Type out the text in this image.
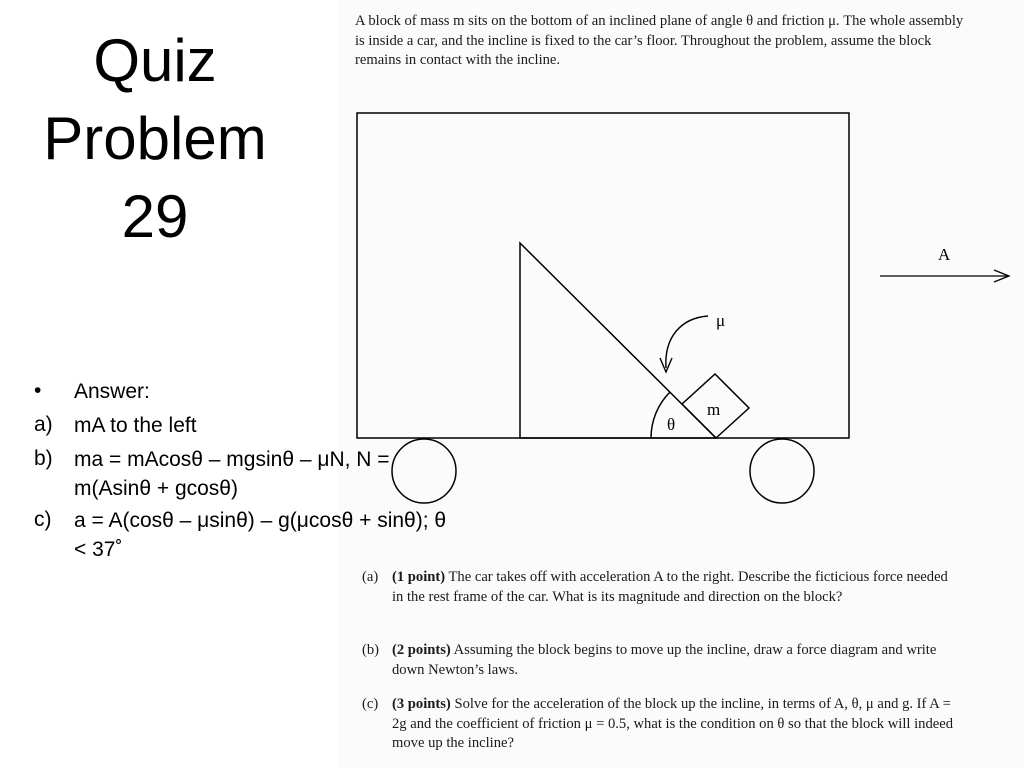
Quiz
Problem
29
•	Answer:
a)	mA to the left
b)	ma = mAcosθ – mgsinθ – μN, N = m(Asinθ + gcosθ)
c)	a = A(cosθ – μsinθ) – g(μcosθ + sinθ); θ < 37˚
A block of mass m sits on the bottom of an inclined plane of angle θ and friction μ. The whole assembly is inside a car, and the incline is fixed to the car’s floor. Throughout the problem, assume the block remains in contact with the incline.
θ
m
μ
A
(a) (1 point) The car takes off with acceleration A to the right. Describe the ficticious force needed in the rest frame of the car. What is its magnitude and direction on the block?
(b) (2 points) Assuming the block begins to move up the incline, draw a force diagram and write down Newton’s laws.
(c) (3 points) Solve for the acceleration of the block up the incline, in terms of A, θ, μ and g. If A = 2g and the coefficient of friction μ = 0.5, what is the condition on θ so that the block will indeed move up the incline?
